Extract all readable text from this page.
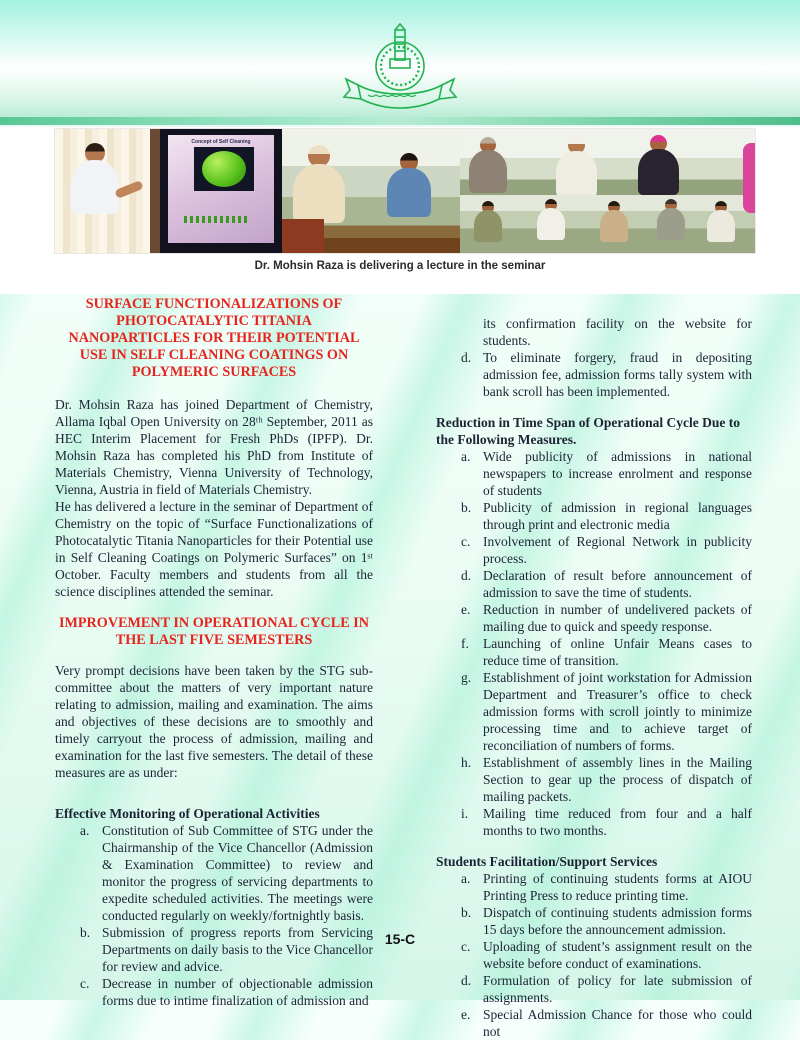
Concept of Self Cleaning
Dr. Mohsin Raza is delivering a lecture in the seminar
SURFACE FUNCTIONALIZATIONS OF PHOTOCATALYTIC TITANIA NANOPARTICLES FOR THEIR POTENTIAL USE IN SELF CLEANING COATINGS ON POLYMERIC SURFACES

Dr. Mohsin Raza has joined Department of Chemistry, Allama Iqbal Open University on 28ᵗʰ September, 2011 as HEC Interim Placement for Fresh PhDs (IPFP). Dr. Mohsin Raza has completed his PhD from Institute of Materials Chemistry, Vienna University of Technology, Vienna, Austria in field of Materials Chemistry.

He has delivered a lecture in the seminar of Department of Chemistry on the topic of “Surface Functionalizations of Photocatalytic Titania Nanoparticles for their Potential use in Self Cleaning Coatings on Polymeric Surfaces” on 1ˢᵗ October. Faculty members and students from all the science disciplines attended the seminar.

IMPROVEMENT IN OPERATIONAL CYCLE IN THE LAST FIVE SEMESTERS

Very prompt decisions have been taken by the STG sub-committee about the matters of very important nature relating to admission, mailing and examination. The aims and objectives of these decisions are to smoothly and timely carryout the process of admission, mailing and examination for the last five semesters. The detail of these measures are as under:

Effective Monitoring of Operational Activities
a. Constitution of Sub Committee of STG under the Chairmanship of the Vice Chancellor (Admission & Examination Committee) to review and monitor the progress of servicing departments to expedite scheduled activities. The meetings were conducted regularly on weekly/fortnightly basis.
b. Submission of progress reports from Servicing Departments on daily basis to the Vice Chancellor for review and advice.
c. Decrease in number of objectionable admission forms due to intime finalization of admission and
its confirmation facility on the website for students.
d. To eliminate forgery, fraud in depositing admission fee, admission forms tally system with bank scroll has been implemented.
Reduction in Time Span of Operational Cycle Due to the Following Measures.
a. Wide publicity of admissions in national newspapers to increase enrolment and response of students
b. Publicity of admission in regional languages through print and electronic media
c. Involvement of Regional Network in publicity process.
d. Declaration of result before announcement of admission to save the time of students.
e. Reduction in number of undelivered packets of mailing due to quick and speedy response.
f. Launching of online Unfair Means cases to reduce time of transition.
g. Establishment of joint workstation for Admission Department and Treasurer’s office to check admission forms with scroll jointly to minimize processing time and to achieve target of reconciliation of numbers of forms.
h. Establishment of assembly lines in the Mailing Section to gear up the process of dispatch of mailing packets.
i. Mailing time reduced from four and a half months to two months.
Students Facilitation/Support Services
a. Printing of continuing students forms at AIOU Printing Press to reduce printing time.
b. Dispatch of continuing students admission forms 15 days before the announcement admission.
c. Uploading of student’s assignment result on the website before conduct of examinations.
d. Formulation of policy for late submission of assignments.
e. Special Admission Chance for those who could not
15-C
